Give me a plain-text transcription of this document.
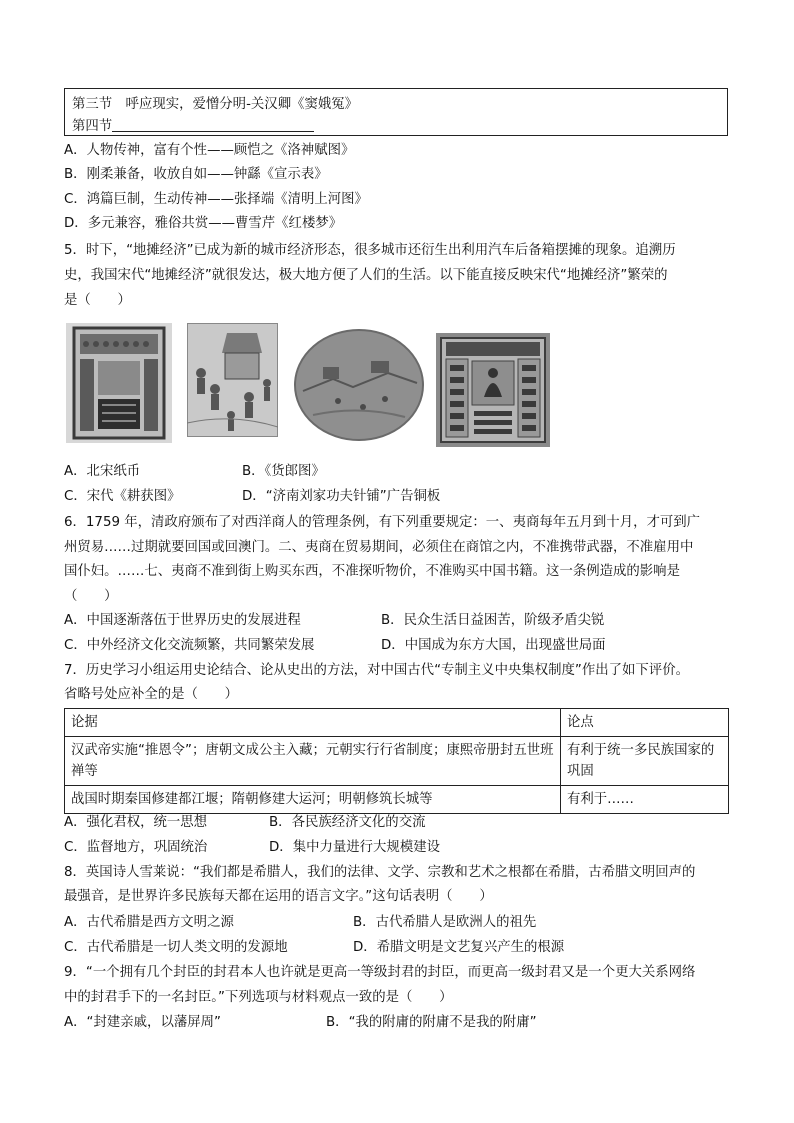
第三节　呼应现实，爱憎分明-关汉卿《窦娥冤》
第四节
A．人物传神，富有个性——顾恺之《洛神赋图》
B．刚柔兼备，收放自如——钟繇《宣示表》
C．鸿篇巨制，生动传神——张择端《清明上河图》
D．多元兼容，雅俗共赏——曹雪芹《红楼梦》
5．时下，“地摊经济”已成为新的城市经济形态，很多城市还衍生出利用汽车后备箱摆摊的现象。追溯历
史，我国宋代“地摊经济”就很发达，极大地方便了人们的生活。以下能直接反映宋代“地摊经济”繁荣的
是（　　）
A．北宋纸币	B．《货郎图》
C．宋代《耕获图》	D．“济南刘家功夫针铺”广告铜板
6．1759 年，清政府颁布了对西洋商人的管理条例，有下列重要规定：一、夷商每年五月到十月，才可到广
州贸易……过期就要回国或回澳门。二、夷商在贸易期间，必须住在商馆之内，不准携带武器，不准雇用中
国仆妇。……七、夷商不准到街上购买东西，不准探听物价，不准购买中国书籍。这一条例造成的影响是
（　　）
A．中国逐渐落伍于世界历史的发展进程	B．民众生活日益困苦，阶级矛盾尖锐
C．中外经济文化交流频繁，共同繁荣发展	D．中国成为东方大国，出现盛世局面
7．历史学习小组运用史论结合、论从史出的方法，对中国古代“专制主义中央集权制度”作出了如下评价。
省略号处应补全的是（　　）
论据	论点
汉武帝实施“推恩令”；唐朝文成公主入藏；元朝实行行省制度；康熙帝册封五世班禅等	有利于统一多民族国家的巩固
战国时期秦国修建都江堰；隋朝修建大运河；明朝修筑长城等	有利于……
A．强化君权，统一思想	B．各民族经济文化的交流
C．监督地方，巩固统治	D．集中力量进行大规模建设
8．英国诗人雪莱说：“我们都是希腊人，我们的法律、文学、宗教和艺术之根都在希腊，古希腊文明回声的
最强音，是世界许多民族每天都在运用的语言文字。”这句话表明（　　）
A．古代希腊是西方文明之源	B．古代希腊人是欧洲人的祖先
C．古代希腊是一切人类文明的发源地	D．希腊文明是文艺复兴产生的根源
9．“一个拥有几个封臣的封君本人也许就是更高一等级封君的封臣，而更高一级封君又是一个更大关系网络
中的封君手下的一名封臣。”下列选项与材料观点一致的是（　　）
A．“封建亲戚，以藩屏周”	B．“我的附庸的附庸不是我的附庸”
